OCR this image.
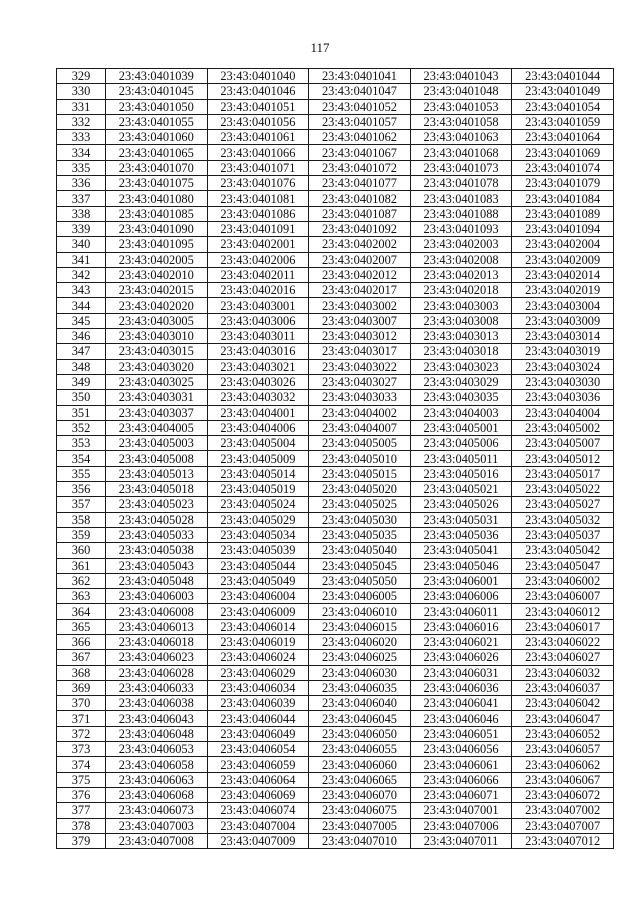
117
329	23:43:0401039	23:43:0401040	23:43:0401041	23:43:0401043	23:43:0401044
330	23:43:0401045	23:43:0401046	23:43:0401047	23:43:0401048	23:43:0401049
331	23:43:0401050	23:43:0401051	23:43:0401052	23:43:0401053	23:43:0401054
332	23:43:0401055	23:43:0401056	23:43:0401057	23:43:0401058	23:43:0401059
333	23:43:0401060	23:43:0401061	23:43:0401062	23:43:0401063	23:43:0401064
334	23:43:0401065	23:43:0401066	23:43:0401067	23:43:0401068	23:43:0401069
335	23:43:0401070	23:43:0401071	23:43:0401072	23:43:0401073	23:43:0401074
336	23:43:0401075	23:43:0401076	23:43:0401077	23:43:0401078	23:43:0401079
337	23:43:0401080	23:43:0401081	23:43:0401082	23:43:0401083	23:43:0401084
338	23:43:0401085	23:43:0401086	23:43:0401087	23:43:0401088	23:43:0401089
339	23:43:0401090	23:43:0401091	23:43:0401092	23:43:0401093	23:43:0401094
340	23:43:0401095	23:43:0402001	23:43:0402002	23:43:0402003	23:43:0402004
341	23:43:0402005	23:43:0402006	23:43:0402007	23:43:0402008	23:43:0402009
342	23:43:0402010	23:43:0402011	23:43:0402012	23:43:0402013	23:43:0402014
343	23:43:0402015	23:43:0402016	23:43:0402017	23:43:0402018	23:43:0402019
344	23:43:0402020	23:43:0403001	23:43:0403002	23:43:0403003	23:43:0403004
345	23:43:0403005	23:43:0403006	23:43:0403007	23:43:0403008	23:43:0403009
346	23:43:0403010	23:43:0403011	23:43:0403012	23:43:0403013	23:43:0403014
347	23:43:0403015	23:43:0403016	23:43:0403017	23:43:0403018	23:43:0403019
348	23:43:0403020	23:43:0403021	23:43:0403022	23:43:0403023	23:43:0403024
349	23:43:0403025	23:43:0403026	23:43:0403027	23:43:0403029	23:43:0403030
350	23:43:0403031	23:43:0403032	23:43:0403033	23:43:0403035	23:43:0403036
351	23:43:0403037	23:43:0404001	23:43:0404002	23:43:0404003	23:43:0404004
352	23:43:0404005	23:43:0404006	23:43:0404007	23:43:0405001	23:43:0405002
353	23:43:0405003	23:43:0405004	23:43:0405005	23:43:0405006	23:43:0405007
354	23:43:0405008	23:43:0405009	23:43:0405010	23:43:0405011	23:43:0405012
355	23:43:0405013	23:43:0405014	23:43:0405015	23:43:0405016	23:43:0405017
356	23:43:0405018	23:43:0405019	23:43:0405020	23:43:0405021	23:43:0405022
357	23:43:0405023	23:43:0405024	23:43:0405025	23:43:0405026	23:43:0405027
358	23:43:0405028	23:43:0405029	23:43:0405030	23:43:0405031	23:43:0405032
359	23:43:0405033	23:43:0405034	23:43:0405035	23:43:0405036	23:43:0405037
360	23:43:0405038	23:43:0405039	23:43:0405040	23:43:0405041	23:43:0405042
361	23:43:0405043	23:43:0405044	23:43:0405045	23:43:0405046	23:43:0405047
362	23:43:0405048	23:43:0405049	23:43:0405050	23:43:0406001	23:43:0406002
363	23:43:0406003	23:43:0406004	23:43:0406005	23:43:0406006	23:43:0406007
364	23:43:0406008	23:43:0406009	23:43:0406010	23:43:0406011	23:43:0406012
365	23:43:0406013	23:43:0406014	23:43:0406015	23:43:0406016	23:43:0406017
366	23:43:0406018	23:43:0406019	23:43:0406020	23:43:0406021	23:43:0406022
367	23:43:0406023	23:43:0406024	23:43:0406025	23:43:0406026	23:43:0406027
368	23:43:0406028	23:43:0406029	23:43:0406030	23:43:0406031	23:43:0406032
369	23:43:0406033	23:43:0406034	23:43:0406035	23:43:0406036	23:43:0406037
370	23:43:0406038	23:43:0406039	23:43:0406040	23:43:0406041	23:43:0406042
371	23:43:0406043	23:43:0406044	23:43:0406045	23:43:0406046	23:43:0406047
372	23:43:0406048	23:43:0406049	23:43:0406050	23:43:0406051	23:43:0406052
373	23:43:0406053	23:43:0406054	23:43:0406055	23:43:0406056	23:43:0406057
374	23:43:0406058	23:43:0406059	23:43:0406060	23:43:0406061	23:43:0406062
375	23:43:0406063	23:43:0406064	23:43:0406065	23:43:0406066	23:43:0406067
376	23:43:0406068	23:43:0406069	23:43:0406070	23:43:0406071	23:43:0406072
377	23:43:0406073	23:43:0406074	23:43:0406075	23:43:0407001	23:43:0407002
378	23:43:0407003	23:43:0407004	23:43:0407005	23:43:0407006	23:43:0407007
379	23:43:0407008	23:43:0407009	23:43:0407010	23:43:0407011	23:43:0407012
